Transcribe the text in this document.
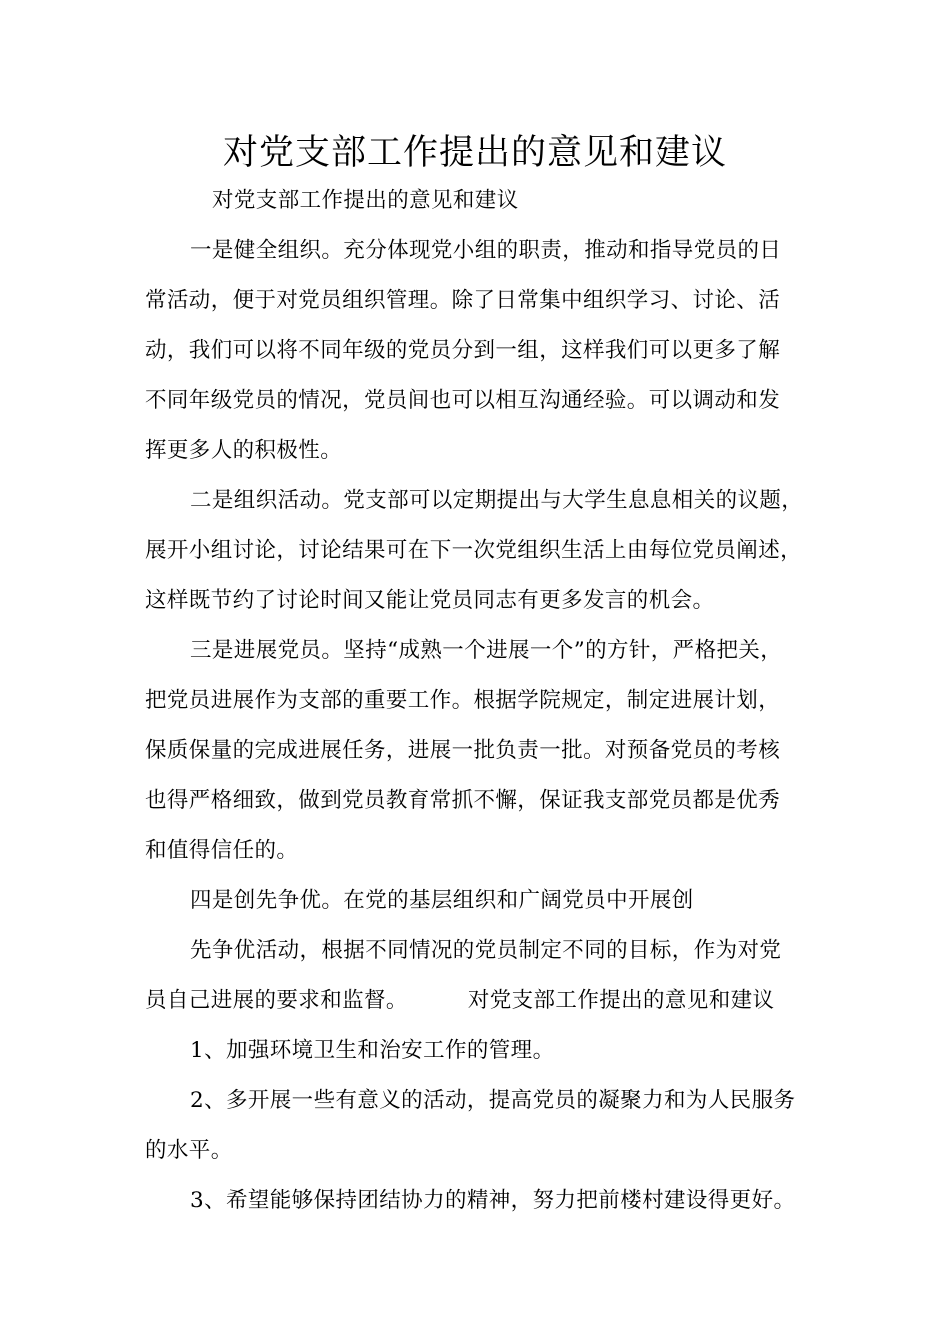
对党支部工作提出的意见和建议
对党支部工作提出的意见和建议
一是健全组织。充分体现党小组的职责，推动和指导党员的日
常活动，便于对党员组织管理。除了日常集中组织学习、讨论、活
动，我们可以将不同年级的党员分到一组，这样我们可以更多了解
不同年级党员的情况，党员间也可以相互沟通经验。可以调动和发
挥更多人的积极性。
二是组织活动。党支部可以定期提出与大学生息息相关的议题，
展开小组讨论，讨论结果可在下一次党组织生活上由每位党员阐述，
这样既节约了讨论时间又能让党员同志有更多发言的机会。
三是进展党员。坚持“成熟一个进展一个”的方针，严格把关，
把党员进展作为支部的重要工作。根据学院规定，制定进展计划，
保质保量的完成进展任务，进展一批负责一批。对预备党员的考核
也得严格细致，做到党员教育常抓不懈，保证我支部党员都是优秀
和值得信任的。
四是创先争优。在党的基层组织和广阔党员中开展创
先争优活动，根据不同情况的党员制定不同的目标，作为对党
员自己进展的要求和监督。	对党支部工作提出的意见和建议
1、加强环境卫生和治安工作的管理。
2、多开展一些有意义的活动，提高党员的凝聚力和为人民服务
的水平。
3、希望能够保持团结协力的精神，努力把前楼村建设得更好。
